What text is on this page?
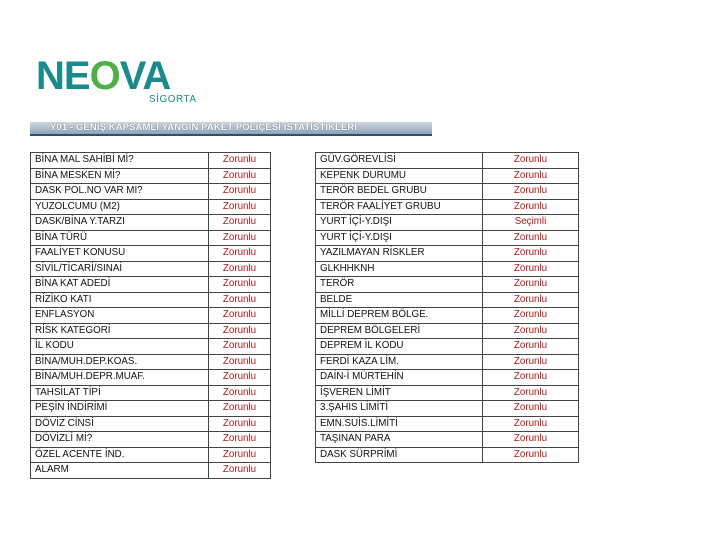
NEOVA
SİGORTA
Y01 - GENİŞ KAPSAMLI YANGIN PAKET POLİÇESİ İSTATİSTİKLERİ
BİNA MAL SAHİBİ Mİ?	Zorunlu
BİNA MESKEN Mİ?	Zorunlu
DASK POL.NO VAR MI?	Zorunlu
YUZOLCUMU (M2)	Zorunlu
DASK/BİNA Y.TARZI	Zorunlu
BİNA TÜRÜ	Zorunlu
FAALİYET KONUSU	Zorunlu
SİVİL/TİCARİ/SINAİ	Zorunlu
BİNA KAT ADEDİ	Zorunlu
RİZİKO KATI	Zorunlu
ENFLASYON	Zorunlu
RİSK KATEGORİ	Zorunlu
İL KODU	Zorunlu
BİNA/MUH.DEP.KOAS.	Zorunlu
BİNA/MUH.DEPR.MUAF.	Zorunlu
TAHSİLAT TİPİ	Zorunlu
PEŞİN İNDİRİMİ	Zorunlu
DÖVİZ CİNSİ	Zorunlu
DÖVİZLİ Mİ?	Zorunlu
ÖZEL ACENTE İND.	Zorunlu
ALARM	Zorunlu
GÜV.GÖREVLİSİ	Zorunlu
KEPENK DURUMU	Zorunlu
TERÖR BEDEL GRUBU	Zorunlu
TERÖR FAALİYET GRUBU	Zorunlu
YURT İÇİ-Y.DIŞI	Seçimli
YURT İÇİ-Y.DIŞI	Zorunlu
YAZILMAYAN RİSKLER	Zorunlu
GLKHHKNH	Zorunlu
TERÖR	Zorunlu
BELDE	Zorunlu
MİLLİ DEPREM BÖLGE.	Zorunlu
DEPREM BÖLGELERİ	Zorunlu
DEPREM İL KODU	Zorunlu
FERDİ KAZA LİM.	Zorunlu
DAİN-İ MÜRTEHİN	Zorunlu
İŞVEREN LİMİT	Zorunlu
3.ŞAHIS LİMİTİ	Zorunlu
EMN.SUİS.LİMİTİ	Zorunlu
TAŞINAN PARA	Zorunlu
DASK SÜRPRİMİ	Zorunlu
